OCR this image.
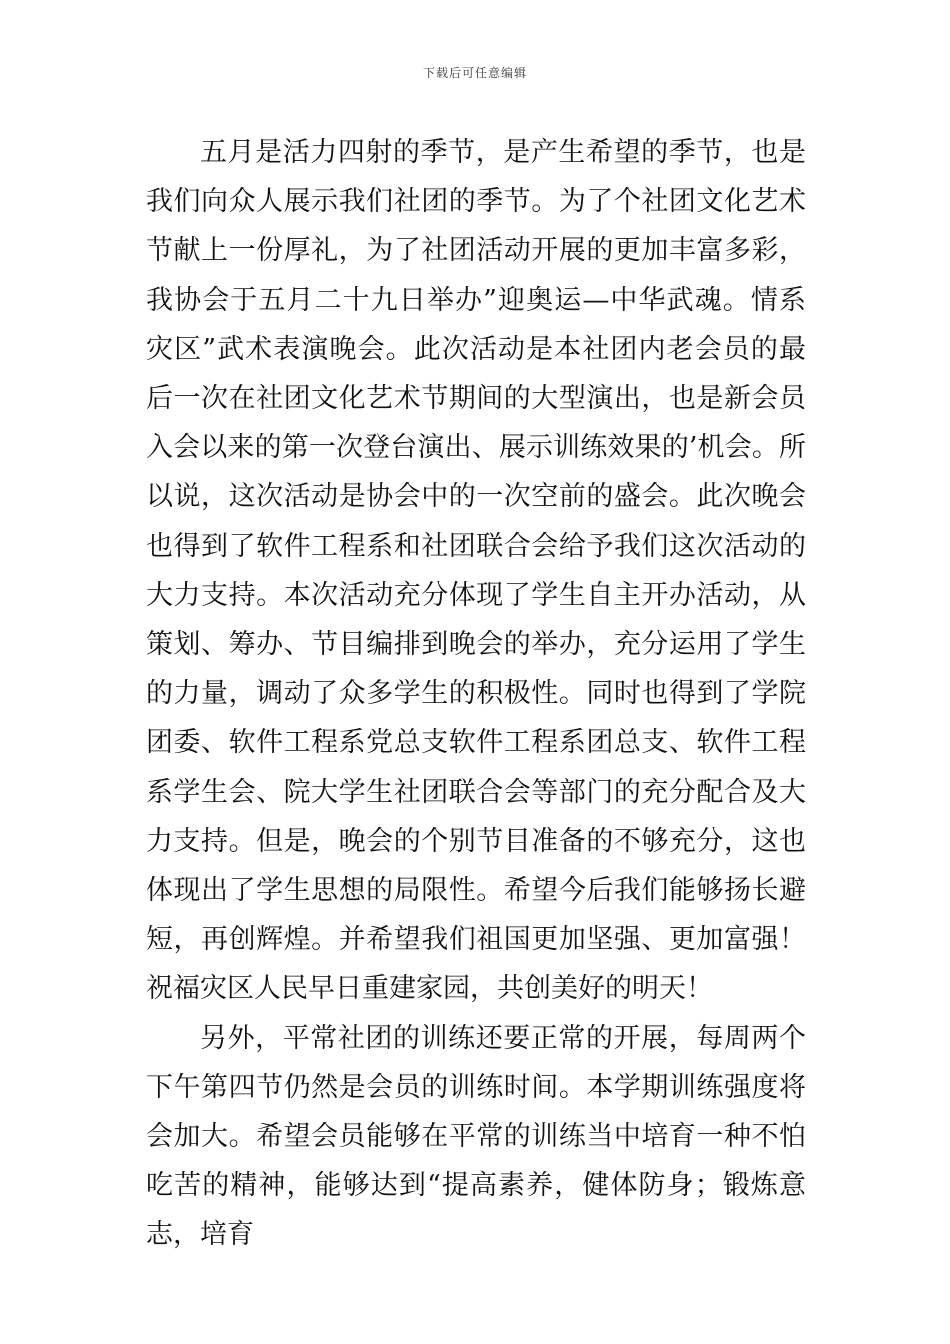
下载后可任意编辑

五月是活力四射的季节，是产生希望的季节，也是我们向众人展示我们社团的季节。为了个社团文化艺术节献上一份厚礼，为了社团活动开展的更加丰富多彩，我协会于五月二十九日举办”迎奥运—中华武魂。情系灾区”武术表演晚会。此次活动是本社团内老会员的最后一次在社团文化艺术节期间的大型演出，也是新会员入会以来的第一次登台演出、展示训练效果的’机会。所以说，这次活动是协会中的一次空前的盛会。此次晚会也得到了软件工程系和社团联合会给予我们这次活动的大力支持。本次活动充分体现了学生自主开办活动，从策划、筹办、节目编排到晚会的举办，充分运用了学生的力量，调动了众多学生的积极性。同时也得到了学院团委、软件工程系党总支软件工程系团总支、软件工程系学生会、院大学生社团联合会等部门的充分配合及大力支持。但是，晚会的个别节目准备的不够充分，这也体现出了学生思想的局限性。希望今后我们能够扬长避短，再创辉煌。并希望我们祖国更加坚强、更加富强！祝福灾区人民早日重建家园，共创美好的明天！

另外，平常社团的训练还要正常的开展，每周两个下午第四节仍然是会员的训练时间。本学期训练强度将会加大。希望会员能够在平常的训练当中培育一种不怕吃苦的精神，能够达到“提高素养，健体防身；锻炼意志，培育
